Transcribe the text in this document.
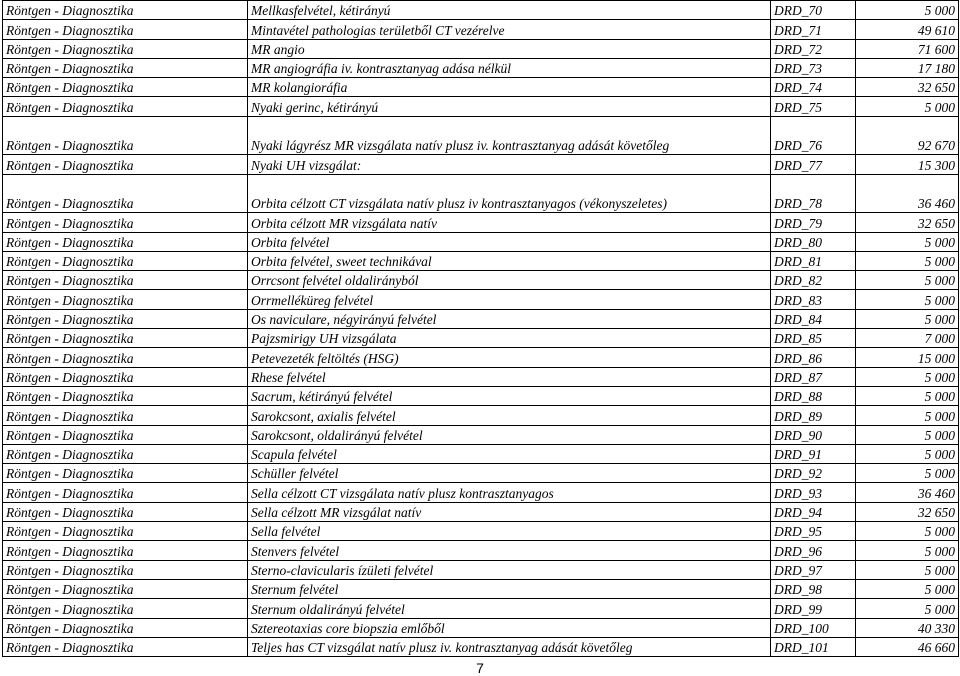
Röntgen - Diagnosztika	Mellkasfelvétel, kétirányú	DRD_70	5 000
Röntgen - Diagnosztika	Mintavétel pathologias területből CT vezérelve	DRD_71	49 610
Röntgen - Diagnosztika	MR angio	DRD_72	71 600
Röntgen - Diagnosztika	MR angiográfia iv. kontrasztanyag adása nélkül	DRD_73	17 180
Röntgen - Diagnosztika	MR kolangioráfia	DRD_74	32 650
Röntgen - Diagnosztika	Nyaki gerinc, kétirányú	DRD_75	5 000
Röntgen - Diagnosztika	Nyaki lágyrész MR vizsgálata natív plusz iv. kontrasztanyag adását követőleg	DRD_76	92 670
Röntgen - Diagnosztika	Nyaki UH vizsgálat:	DRD_77	15 300
Röntgen - Diagnosztika	Orbita célzott CT vizsgálata natív plusz iv kontrasztanyagos (vékonyszeletes)	DRD_78	36 460
Röntgen - Diagnosztika	Orbita célzott MR vizsgálata natív	DRD_79	32 650
Röntgen - Diagnosztika	Orbita felvétel	DRD_80	5 000
Röntgen - Diagnosztika	Orbita felvétel, sweet technikával	DRD_81	5 000
Röntgen - Diagnosztika	Orrcsont felvétel oldalirányból	DRD_82	5 000
Röntgen - Diagnosztika	Orrmelléküreg felvétel	DRD_83	5 000
Röntgen - Diagnosztika	Os naviculare, négyirányú felvétel	DRD_84	5 000
Röntgen - Diagnosztika	Pajzsmirigy UH vizsgálata	DRD_85	7 000
Röntgen - Diagnosztika	Petevezeték feltöltés (HSG)	DRD_86	15 000
Röntgen - Diagnosztika	Rhese felvétel	DRD_87	5 000
Röntgen - Diagnosztika	Sacrum, kétirányú felvétel	DRD_88	5 000
Röntgen - Diagnosztika	Sarokcsont, axialis felvétel	DRD_89	5 000
Röntgen - Diagnosztika	Sarokcsont, oldalirányú felvétel	DRD_90	5 000
Röntgen - Diagnosztika	Scapula felvétel	DRD_91	5 000
Röntgen - Diagnosztika	Schüller felvétel	DRD_92	5 000
Röntgen - Diagnosztika	Sella célzott CT vizsgálata natív plusz kontrasztanyagos	DRD_93	36 460
Röntgen - Diagnosztika	Sella célzott MR vizsgálat natív	DRD_94	32 650
Röntgen - Diagnosztika	Sella felvétel	DRD_95	5 000
Röntgen - Diagnosztika	Stenvers felvétel	DRD_96	5 000
Röntgen - Diagnosztika	Sterno-clavicularis ízületi felvétel	DRD_97	5 000
Röntgen - Diagnosztika	Sternum felvétel	DRD_98	5 000
Röntgen - Diagnosztika	Sternum oldalirányú felvétel	DRD_99	5 000
Röntgen - Diagnosztika	Sztereotaxias core biopszia emlőből	DRD_100	40 330
Röntgen - Diagnosztika	Teljes has CT vizsgálat natív plusz iv. kontrasztanyag adását követőleg	DRD_101	46 660
7
